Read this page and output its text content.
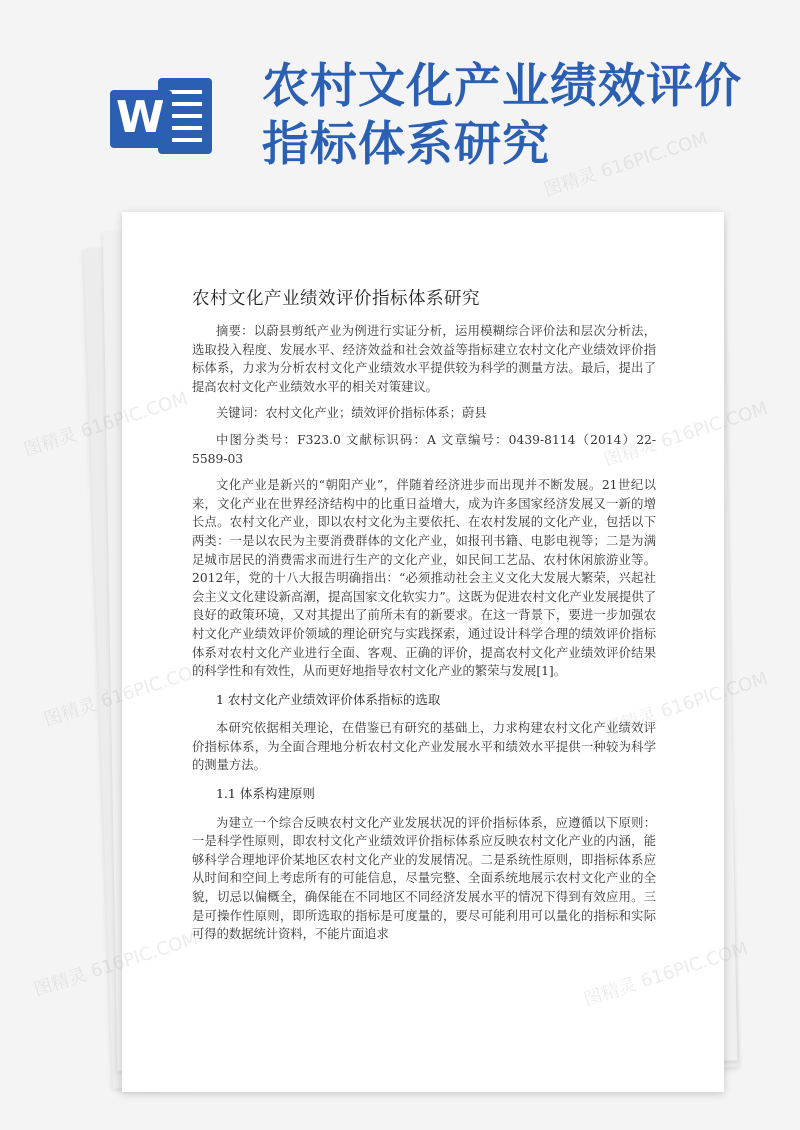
W
农村文化产业绩效评价
指标体系研究
农村文化产业绩效评价指标体系研究

摘要：以蔚县剪纸产业为例进行实证分析，运用模糊综合评价法和层次分析法，选取投入程度、发展水平、经济效益和社会效益等指标建立农村文化产业绩效评价指标体系，力求为分析农村文化产业绩效水平提供较为科学的测量方法。最后，提出了提高农村文化产业绩效水平的相关对策建议。

关键词：农村文化产业；绩效评价指标体系；蔚县

中图分类号：F323.0 文献标识码：A 文章编号：0439-8114（2014）22-5589-03

文化产业是新兴的“朝阳产业”，伴随着经济进步而出现并不断发展。21世纪以来，文化产业在世界经济结构中的比重日益增大，成为许多国家经济发展又一新的增长点。农村文化产业，即以农村文化为主要依托、在农村发展的文化产业，包括以下两类：一是以农民为主要消费群体的文化产业，如报刊书籍、电影电视等；二是为满足城市居民的消费需求而进行生产的文化产业，如民间工艺品、农村休闲旅游业等。2012年，党的十八大报告明确指出：“必须推动社会主义文化大发展大繁荣，兴起社会主义文化建设新高潮，提高国家文化软实力”。这既为促进农村文化产业发展提供了良好的政策环境，又对其提出了前所未有的新要求。在这一背景下，要进一步加强农村文化产业绩效评价领域的理论研究与实践探索，通过设计科学合理的绩效评价指标体系对农村文化产业进行全面、客观、正确的评价，提高农村文化产业绩效评价结果的科学性和有效性，从而更好地指导农村文化产业的繁荣与发展[1]。

1 农村文化产业绩效评价体系指标的选取

本研究依据相关理论，在借鉴已有研究的基础上，力求构建农村文化产业绩效评价指标体系，为全面合理地分析农村文化产业发展水平和绩效水平提供一种较为科学的测量方法。

1.1 体系构建原则

为建立一个综合反映农村文化产业发展状况的评价指标体系，应遵循以下原则：一是科学性原则，即农村文化产业绩效评价指标体系应反映农村文化产业的内涵，能够科学合理地评价某地区农村文化产业的发展情况。二是系统性原则，即指标体系应从时间和空间上考虑所有的可能信息，尽量完整、全面系统地展示农村文化产业的全貌，切忌以偏概全，确保能在不同地区不同经济发展水平的情况下得到有效应用。三是可操作性原则，即所选取的指标是可度量的，要尽可能利用可以量化的指标和实际可得的数据统计资料，不能片面追求

图精灵 616PIC.COM
图精灵
图精灵
图精灵
